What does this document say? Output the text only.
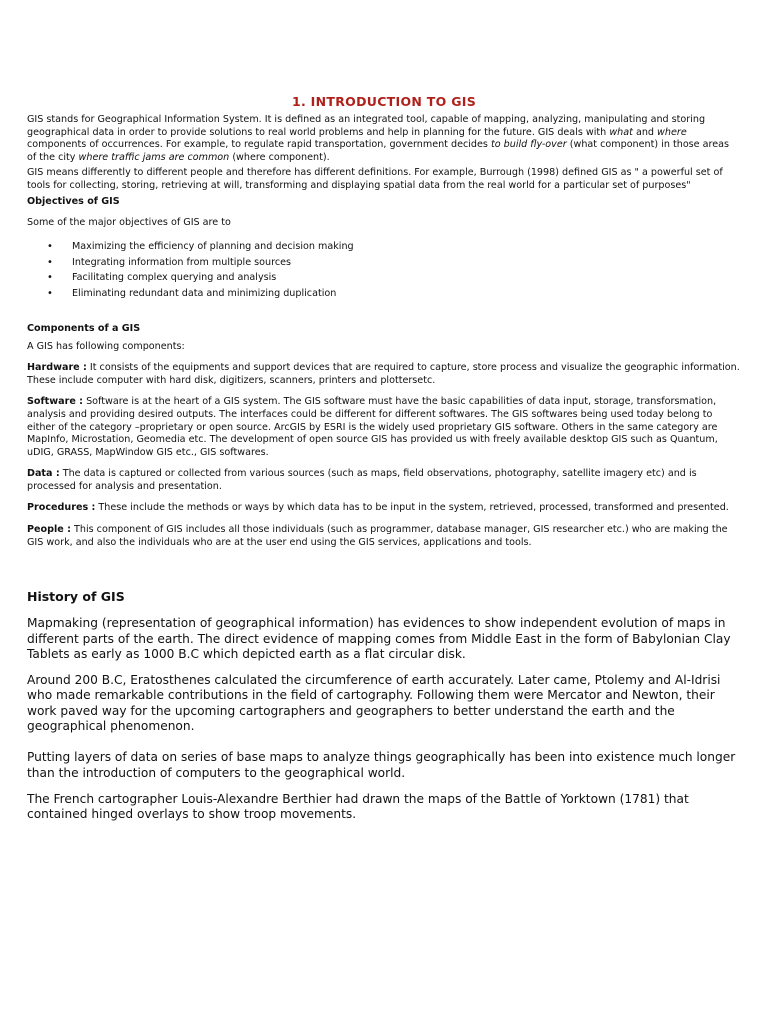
1. INTRODUCTION TO GIS

GIS stands for Geographical Information System. It is defined as an integrated tool, capable of mapping, analyzing, manipulating and storing geographical data in order to provide solutions to real world problems and help in planning for the future. GIS deals with what and where components of occurrences. For example, to regulate rapid transportation, government decides to build fly-over (what component) in those areas of the city where traffic jams are common (where component).

GIS means differently to different people and therefore has different definitions. For example, Burrough (1998) defined GIS as " a powerful set of tools for collecting, storing, retrieving at will, transforming and displaying spatial data from the real world for a particular set of purposes"

Objectives of GIS

Some of the major objectives of GIS are to

• Maximizing the efficiency of planning and decision making
• Integrating information from multiple sources
• Facilitating complex querying and analysis
• Eliminating redundant data and minimizing duplication

Components of a GIS

A GIS has following components:

Hardware : It consists of the equipments and support devices that are required to capture, store process and visualize the geographic information. These include computer with hard disk, digitizers, scanners, printers and plottersetc.

Software : Software is at the heart of a GIS system. The GIS software must have the basic capabilities of data input, storage, transforsmation, analysis and providing desired outputs. The interfaces could be different for different softwares. The GIS softwares being used today belong to either of the category –proprietary or open source. ArcGIS by ESRI is the widely used proprietary GIS software. Others in the same category are MapInfo, Microstation, Geomedia etc. The development of open source GIS has provided us with freely available desktop GIS such as Quantum, uDIG, GRASS, MapWindow GIS etc., GIS softwares.

Data : The data is captured or collected from various sources (such as maps, field observations, photography, satellite imagery etc) and is processed for analysis and presentation.

Procedures : These include the methods or ways by which data has to be input in the system, retrieved, processed, transformed and presented.

People : This component of GIS includes all those individuals (such as programmer, database manager, GIS researcher etc.) who are making the GIS work, and also the individuals who are at the user end using the GIS services, applications and tools.

History of GIS

Mapmaking (representation of geographical information) has evidences to show independent evolution of maps in different parts of the earth. The direct evidence of mapping comes from Middle East in the form of Babylonian Clay Tablets as early as 1000 B.C which depicted earth as a flat circular disk.

Around 200 B.C, Eratosthenes calculated the circumference of earth accurately. Later came, Ptolemy and Al-Idrisi who made remarkable contributions in the field of cartography. Following them were Mercator and Newton, their work paved way for the upcoming cartographers and geographers to better understand the earth and the geographical phenomenon.

Putting layers of data on series of base maps to analyze things geographically has been into existence much longer than the introduction of computers to the geographical world.

The French cartographer Louis-Alexandre Berthier had drawn the maps of the Battle of Yorktown (1781) that contained hinged overlays to show troop movements.
